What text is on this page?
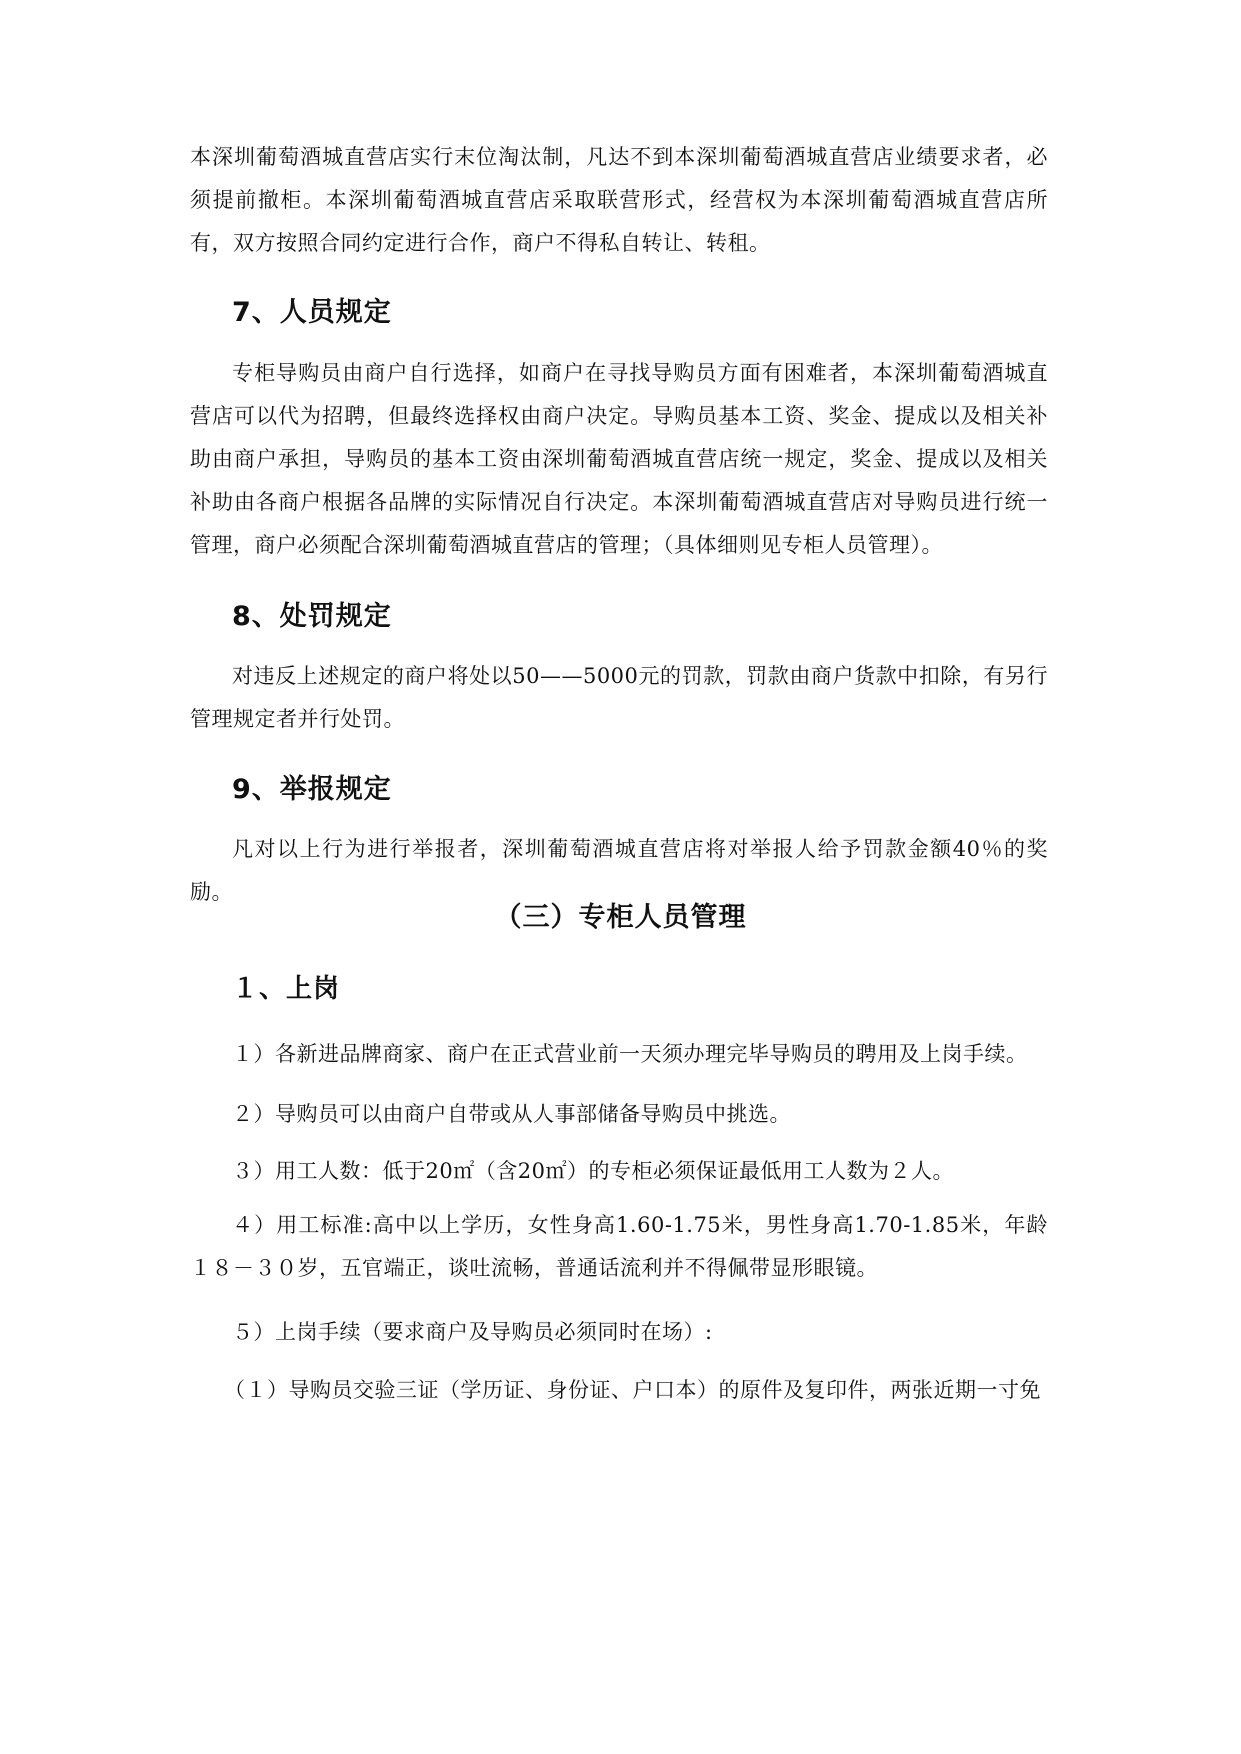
本深圳葡萄酒城直营店实行末位淘汰制，凡达不到本深圳葡萄酒城直营店业绩要求者，必须提前撤柜。本深圳葡萄酒城直营店采取联营形式，经营权为本深圳葡萄酒城直营店所有，双方按照合同约定进行合作，商户不得私自转让、转租。

7、人员规定

专柜导购员由商户自行选择，如商户在寻找导购员方面有困难者，本深圳葡萄酒城直营店可以代为招聘，但最终选择权由商户决定。导购员基本工资、奖金、提成以及相关补助由商户承担，导购员的基本工资由深圳葡萄酒城直营店统一规定，奖金、提成以及相关补助由各商户根据各品牌的实际情况自行决定。本深圳葡萄酒城直营店对导购员进行统一管理，商户必须配合深圳葡萄酒城直营店的管理；（具体细则见专柜人员管理）。

8、处罚规定

对违反上述规定的商户将处以50——5000元的罚款，罚款由商户货款中扣除，有另行管理规定者并行处罚。

9、举报规定

凡对以上行为进行举报者，深圳葡萄酒城直营店将对举报人给予罚款金额40％的奖励。

（三）专柜人员管理
１、上岗

１）各新进品牌商家、商户在正式营业前一天须办理完毕导购员的聘用及上岗手续。

２）导购员可以由商户自带或从人事部储备导购员中挑选。

３）用工人数：低于20㎡（含20㎡）的专柜必须保证最低用工人数为２人。

４）用工标准:高中以上学历，女性身高1.60-1.75米，男性身高1.70-1.85米，年龄１８－３０岁，五官端正，谈吐流畅，普通话流利并不得佩带显形眼镜。

５）上岗手续（要求商户及导购员必须同时在场）:

（１）导购员交验三证（学历证、身份证、户口本）的原件及复印件，两张近期一寸免
